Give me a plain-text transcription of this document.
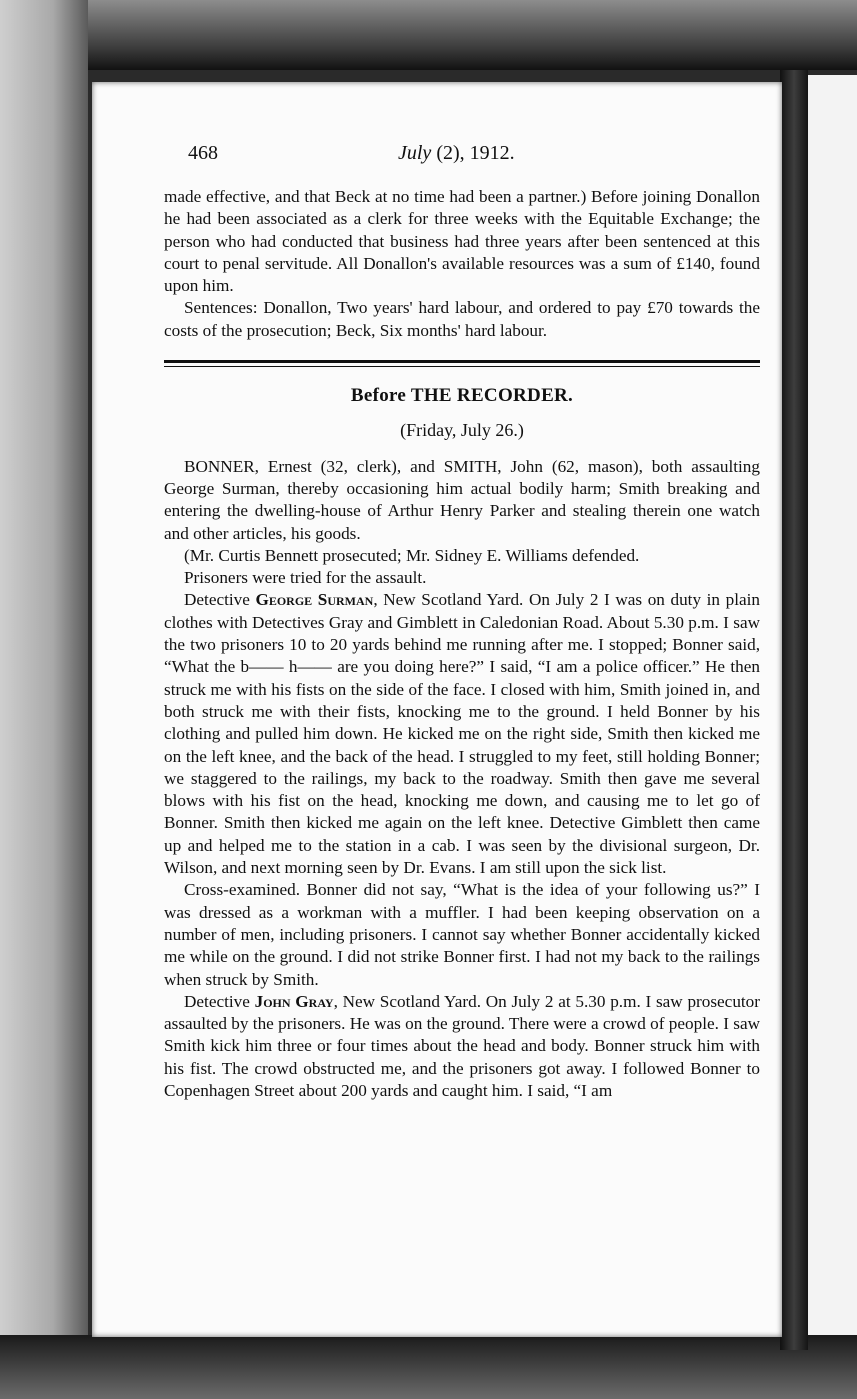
468	July (2), 1912.

made effective, and that Beck at no time had been a partner.) Before joining Donallon he had been associated as a clerk for three weeks with the Equitable Exchange; the person who had conducted that business had three years after been sentenced at this court to penal servitude. All Donallon's available resources was a sum of £140, found upon him.

Sentences: Donallon, Two years' hard labour, and ordered to pay £70 towards the costs of the prosecution; Beck, Six months' hard labour.

Before THE RECORDER.
(Friday, July 26.)

BONNER, Ernest (32, clerk), and SMITH, John (62, mason), both assaulting George Surman, thereby occasioning him actual bodily harm; Smith breaking and entering the dwelling-house of Arthur Henry Parker and stealing therein one watch and other articles, his goods.

(Mr. Curtis Bennett prosecuted; Mr. Sidney E. Williams defended.

Prisoners were tried for the assault.

Detective George Surman, New Scotland Yard. On July 2 I was on duty in plain clothes with Detectives Gray and Gimblett in Caledonian Road. About 5.30 p.m. I saw the two prisoners 10 to 20 yards behind me running after me. I stopped; Bonner said, “What the b—— h—— are you doing here?” I said, “I am a police officer.” He then struck me with his fists on the side of the face. I closed with him, Smith joined in, and both struck me with their fists, knocking me to the ground. I held Bonner by his clothing and pulled him down. He kicked me on the right side, Smith then kicked me on the left knee, and the back of the head. I struggled to my feet, still holding Bonner; we staggered to the railings, my back to the roadway. Smith then gave me several blows with his fist on the head, knocking me down, and causing me to let go of Bonner. Smith then kicked me again on the left knee. Detective Gimblett then came up and helped me to the station in a cab. I was seen by the divisional surgeon, Dr. Wilson, and next morning seen by Dr. Evans. I am still upon the sick list.

Cross-examined. Bonner did not say, “What is the idea of your following us?” I was dressed as a workman with a muffler. I had been keeping observation on a number of men, including prisoners. I cannot say whether Bonner accidentally kicked me while on the ground. I did not strike Bonner first. I had not my back to the railings when struck by Smith.

Detective John Gray, New Scotland Yard. On July 2 at 5.30 p.m. I saw prosecutor assaulted by the prisoners. He was on the ground. There were a crowd of people. I saw Smith kick him three or four times about the head and body. Bonner struck him with his fist. The crowd obstructed me, and the prisoners got away. I followed Bonner to Copenhagen Street about 200 yards and caught him. I said, “I am
